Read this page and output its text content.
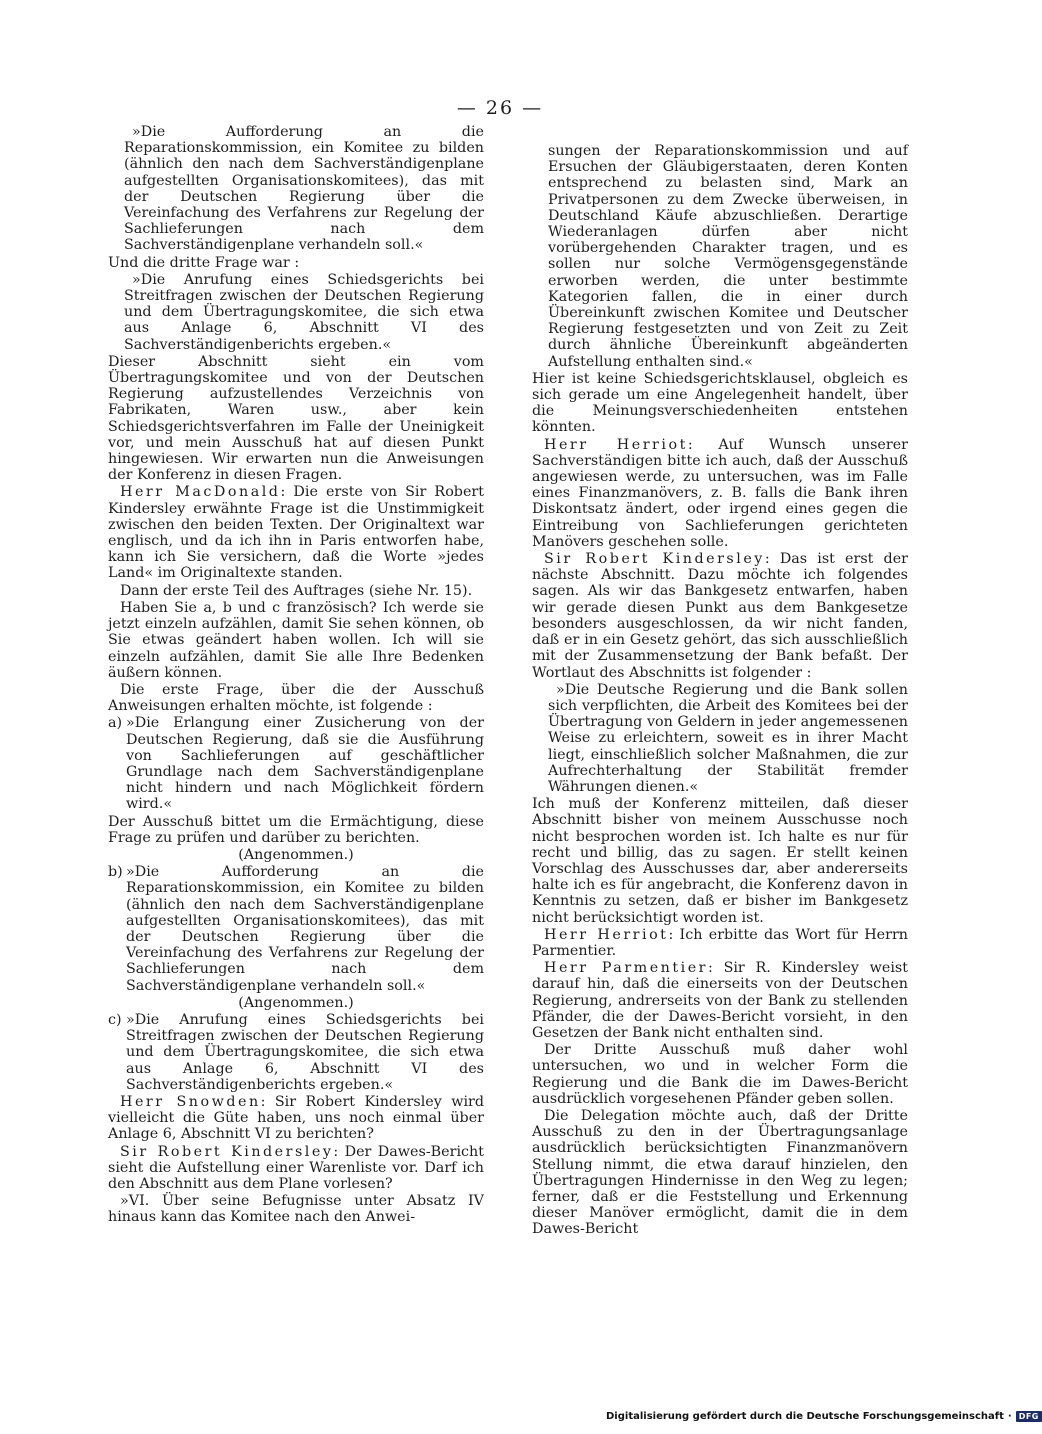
— 26 —

»Die Aufforderung an die Reparationskommission, ein Komitee zu bilden (ähnlich den nach dem Sachverständigenplane aufgestellten Organisationskomitees), das mit der Deutschen Regierung über die Vereinfachung des Verfahrens zur Regelung der Sachlieferungen nach dem Sachverständigenplane verhandeln soll.«

Und die dritte Frage war :

»Die Anrufung eines Schiedsgerichts bei Streitfragen zwischen der Deutschen Regierung und dem Übertragungskomitee, die sich etwa aus Anlage 6, Abschnitt VI des Sachverständigenberichts ergeben.«

Dieser Abschnitt sieht ein vom Übertragungskomitee und von der Deutschen Regierung aufzustellendes Verzeichnis von Fabrikaten, Waren usw., aber kein Schiedsgerichtsverfahren im Falle der Uneinigkeit vor, und mein Ausschuß hat auf diesen Punkt hingewiesen. Wir erwarten nun die Anweisungen der Konferenz in diesen Fragen.

Herr MacDonald: Die erste von Sir Robert Kindersley erwähnte Frage ist die Unstimmigkeit zwischen den beiden Texten. Der Originaltext war englisch, und da ich ihn in Paris entworfen habe, kann ich Sie versichern, daß die Worte »jedes Land« im Originaltexte standen.

Dann der erste Teil des Auftrages (siehe Nr. 15).

Haben Sie a, b und c französisch? Ich werde sie jetzt einzeln aufzählen, damit Sie sehen können, ob Sie etwas geändert haben wollen. Ich will sie einzeln aufzählen, damit Sie alle Ihre Bedenken äußern können.

Die erste Frage, über die der Ausschuß Anweisungen erhalten möchte, ist folgende :

a) »Die Erlangung einer Zusicherung von der Deutschen Regierung, daß sie die Ausführung von Sachlieferungen auf geschäftlicher Grundlage nach dem Sachverständigenplane nicht hindern und nach Möglichkeit fördern wird.«

Der Ausschuß bittet um die Ermächtigung, diese Frage zu prüfen und darüber zu berichten.

(Angenommen.)

b) »Die Aufforderung an die Reparationskommission, ein Komitee zu bilden (ähnlich den nach dem Sachverständigenplane aufgestellten Organisationskomitees), das mit der Deutschen Regierung über die Vereinfachung des Verfahrens zur Regelung der Sachlieferungen nach dem Sachverständigenplane verhandeln soll.«

(Angenommen.)

c) »Die Anrufung eines Schiedsgerichts bei Streitfragen zwischen der Deutschen Regierung und dem Übertragungskomitee, die sich etwa aus Anlage 6, Abschnitt VI des Sachverständigenberichts ergeben.«

Herr Snowden: Sir Robert Kindersley wird vielleicht die Güte haben, uns noch einmal über Anlage 6, Abschnitt VI zu berichten?

Sir Robert Kindersley: Der Dawes-Bericht sieht die Aufstellung einer Warenliste vor. Darf ich den Abschnitt aus dem Plane vorlesen?

»VI. Über seine Befugnisse unter Absatz IV hinaus kann das Komitee nach den Anwei-

sungen der Reparationskommission und auf Ersuchen der Gläubigerstaaten, deren Konten entsprechend zu belasten sind, Mark an Privatpersonen zu dem Zwecke überweisen, in Deutschland Käufe abzuschließen. Derartige Wiederanlagen dürfen aber nicht vorübergehenden Charakter tragen, und es sollen nur solche Vermögensgegenstände erworben werden, die unter bestimmte Kategorien fallen, die in einer durch Übereinkunft zwischen Komitee und Deutscher Regierung festgesetzten und von Zeit zu Zeit durch ähnliche Übereinkunft abgeänderten Aufstellung enthalten sind.«

Hier ist keine Schiedsgerichtsklausel, obgleich es sich gerade um eine Angelegenheit handelt, über die Meinungsverschiedenheiten entstehen könnten.

Herr Herriot: Auf Wunsch unserer Sachverständigen bitte ich auch, daß der Ausschuß angewiesen werde, zu untersuchen, was im Falle eines Finanzmanövers, z. B. falls die Bank ihren Diskontsatz ändert, oder irgend eines gegen die Eintreibung von Sachlieferungen gerichteten Manövers geschehen solle.

Sir Robert Kindersley: Das ist erst der nächste Abschnitt. Dazu möchte ich folgendes sagen. Als wir das Bankgesetz entwarfen, haben wir gerade diesen Punkt aus dem Bankgesetze besonders ausgeschlossen, da wir nicht fanden, daß er in ein Gesetz gehört, das sich ausschließlich mit der Zusammensetzung der Bank befaßt. Der Wortlaut des Abschnitts ist folgender :

»Die Deutsche Regierung und die Bank sollen sich verpflichten, die Arbeit des Komitees bei der Übertragung von Geldern in jeder angemessenen Weise zu erleichtern, soweit es in ihrer Macht liegt, einschließlich solcher Maßnahmen, die zur Aufrechterhaltung der Stabilität fremder Währungen dienen.«

Ich muß der Konferenz mitteilen, daß dieser Abschnitt bisher von meinem Ausschusse noch nicht besprochen worden ist. Ich halte es nur für recht und billig, das zu sagen. Er stellt keinen Vorschlag des Ausschusses dar, aber andererseits halte ich es für angebracht, die Konferenz davon in Kenntnis zu setzen, daß er bisher im Bankgesetz nicht berücksichtigt worden ist.

Herr Herriot: Ich erbitte das Wort für Herrn Parmentier.

Herr Parmentier: Sir R. Kindersley weist darauf hin, daß die einerseits von der Deutschen Regierung, andrerseits von der Bank zu stellenden Pfänder, die der Dawes-Bericht vorsieht, in den Gesetzen der Bank nicht enthalten sind.

Der Dritte Ausschuß muß daher wohl untersuchen, wo und in welcher Form die Regierung und die Bank die im Dawes-Bericht ausdrücklich vorgesehenen Pfänder geben sollen.

Die Delegation möchte auch, daß der Dritte Ausschuß zu den in der Übertragungsanlage ausdrücklich berücksichtigten Finanzmanövern Stellung nimmt, die etwa darauf hinzielen, den Übertragungen Hindernisse in den Weg zu legen; ferner, daß er die Feststellung und Erkennung dieser Manöver ermöglicht, damit die in dem Dawes-Bericht

Digitalisierung gefördert durch die Deutsche Forschungsgemeinschaft · DFG
